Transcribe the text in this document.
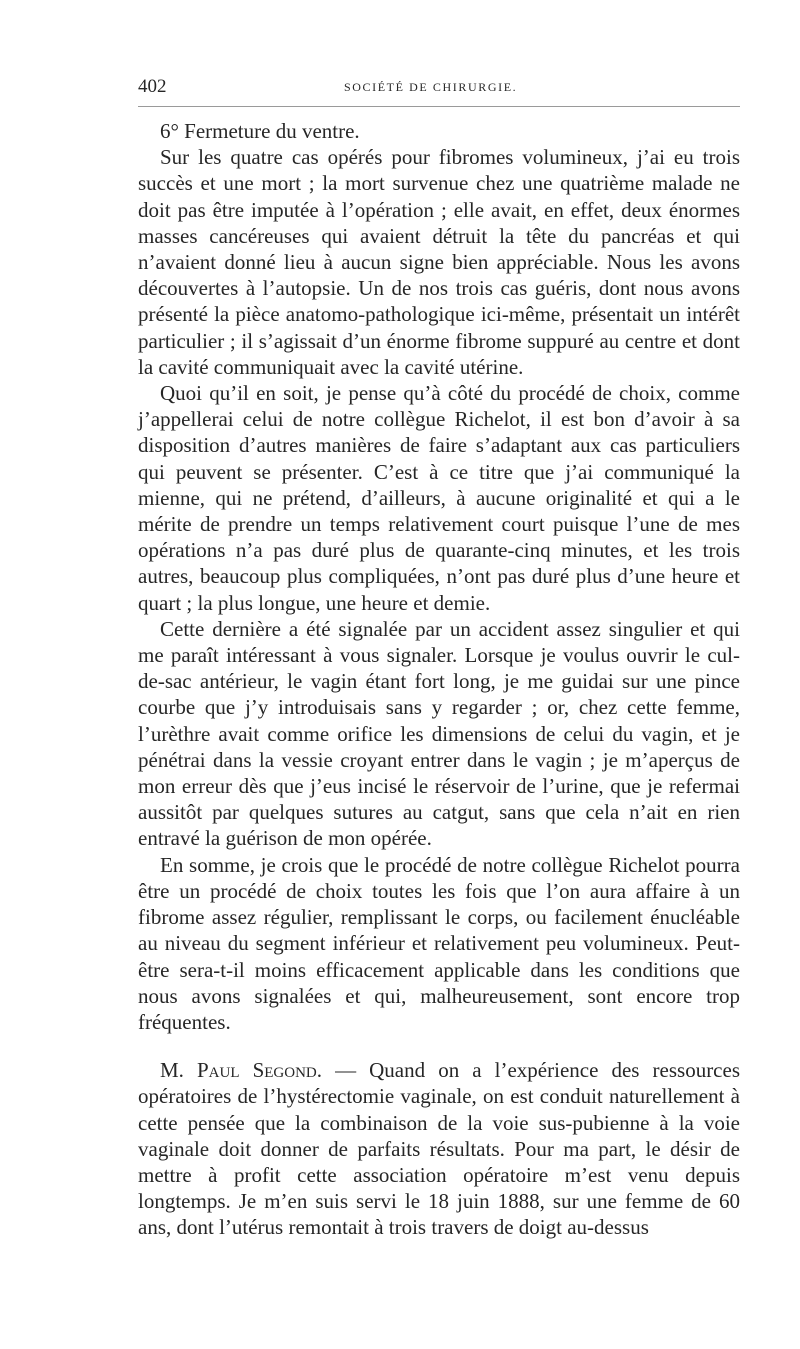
402	SOCIÉTÉ DE CHIRURGIE.

6° Fermeture du ventre.

Sur les quatre cas opérés pour fibromes volumineux, j’ai eu trois succès et une mort ; la mort survenue chez une quatrième malade ne doit pas être imputée à l’opération ; elle avait, en effet, deux énormes masses cancéreuses qui avaient détruit la tête du pancréas et qui n’avaient donné lieu à aucun signe bien appréciable. Nous les avons découvertes à l’autopsie. Un de nos trois cas guéris, dont nous avons présenté la pièce anatomo-pathologique ici-même, présentait un intérêt particulier ; il s’agissait d’un énorme fibrome suppuré au centre et dont la cavité communiquait avec la cavité utérine.

Quoi qu’il en soit, je pense qu’à côté du procédé de choix, comme j’appellerai celui de notre collègue Richelot, il est bon d’avoir à sa disposition d’autres manières de faire s’adaptant aux cas particuliers qui peuvent se présenter. C’est à ce titre que j’ai communiqué la mienne, qui ne prétend, d’ailleurs, à aucune originalité et qui a le mérite de prendre un temps relativement court puisque l’une de mes opérations n’a pas duré plus de quarante-cinq minutes, et les trois autres, beaucoup plus compliquées, n’ont pas duré plus d’une heure et quart ; la plus longue, une heure et demie.

Cette dernière a été signalée par un accident assez singulier et qui me paraît intéressant à vous signaler. Lorsque je voulus ouvrir le cul-de-sac antérieur, le vagin étant fort long, je me guidai sur une pince courbe que j’y introduisais sans y regarder ; or, chez cette femme, l’urèthre avait comme orifice les dimensions de celui du vagin, et je pénétrai dans la vessie croyant entrer dans le vagin ; je m’aperçus de mon erreur dès que j’eus incisé le réservoir de l’urine, que je refermai aussitôt par quelques sutures au catgut, sans que cela n’ait en rien entravé la guérison de mon opérée.

En somme, je crois que le procédé de notre collègue Richelot pourra être un procédé de choix toutes les fois que l’on aura affaire à un fibrome assez régulier, remplissant le corps, ou facilement énucléable au niveau du segment inférieur et relativement peu volumineux. Peut-être sera-t-il moins efficacement applicable dans les conditions que nous avons signalées et qui, malheureusement, sont encore trop fréquentes.

M. Paul Segond. — Quand on a l’expérience des ressources opératoires de l’hystérectomie vaginale, on est conduit naturellement à cette pensée que la combinaison de la voie sus-pubienne à la voie vaginale doit donner de parfaits résultats. Pour ma part, le désir de mettre à profit cette association opératoire m’est venu depuis longtemps. Je m’en suis servi le 18 juin 1888, sur une femme de 60 ans, dont l’utérus remontait à trois travers de doigt au-dessus
